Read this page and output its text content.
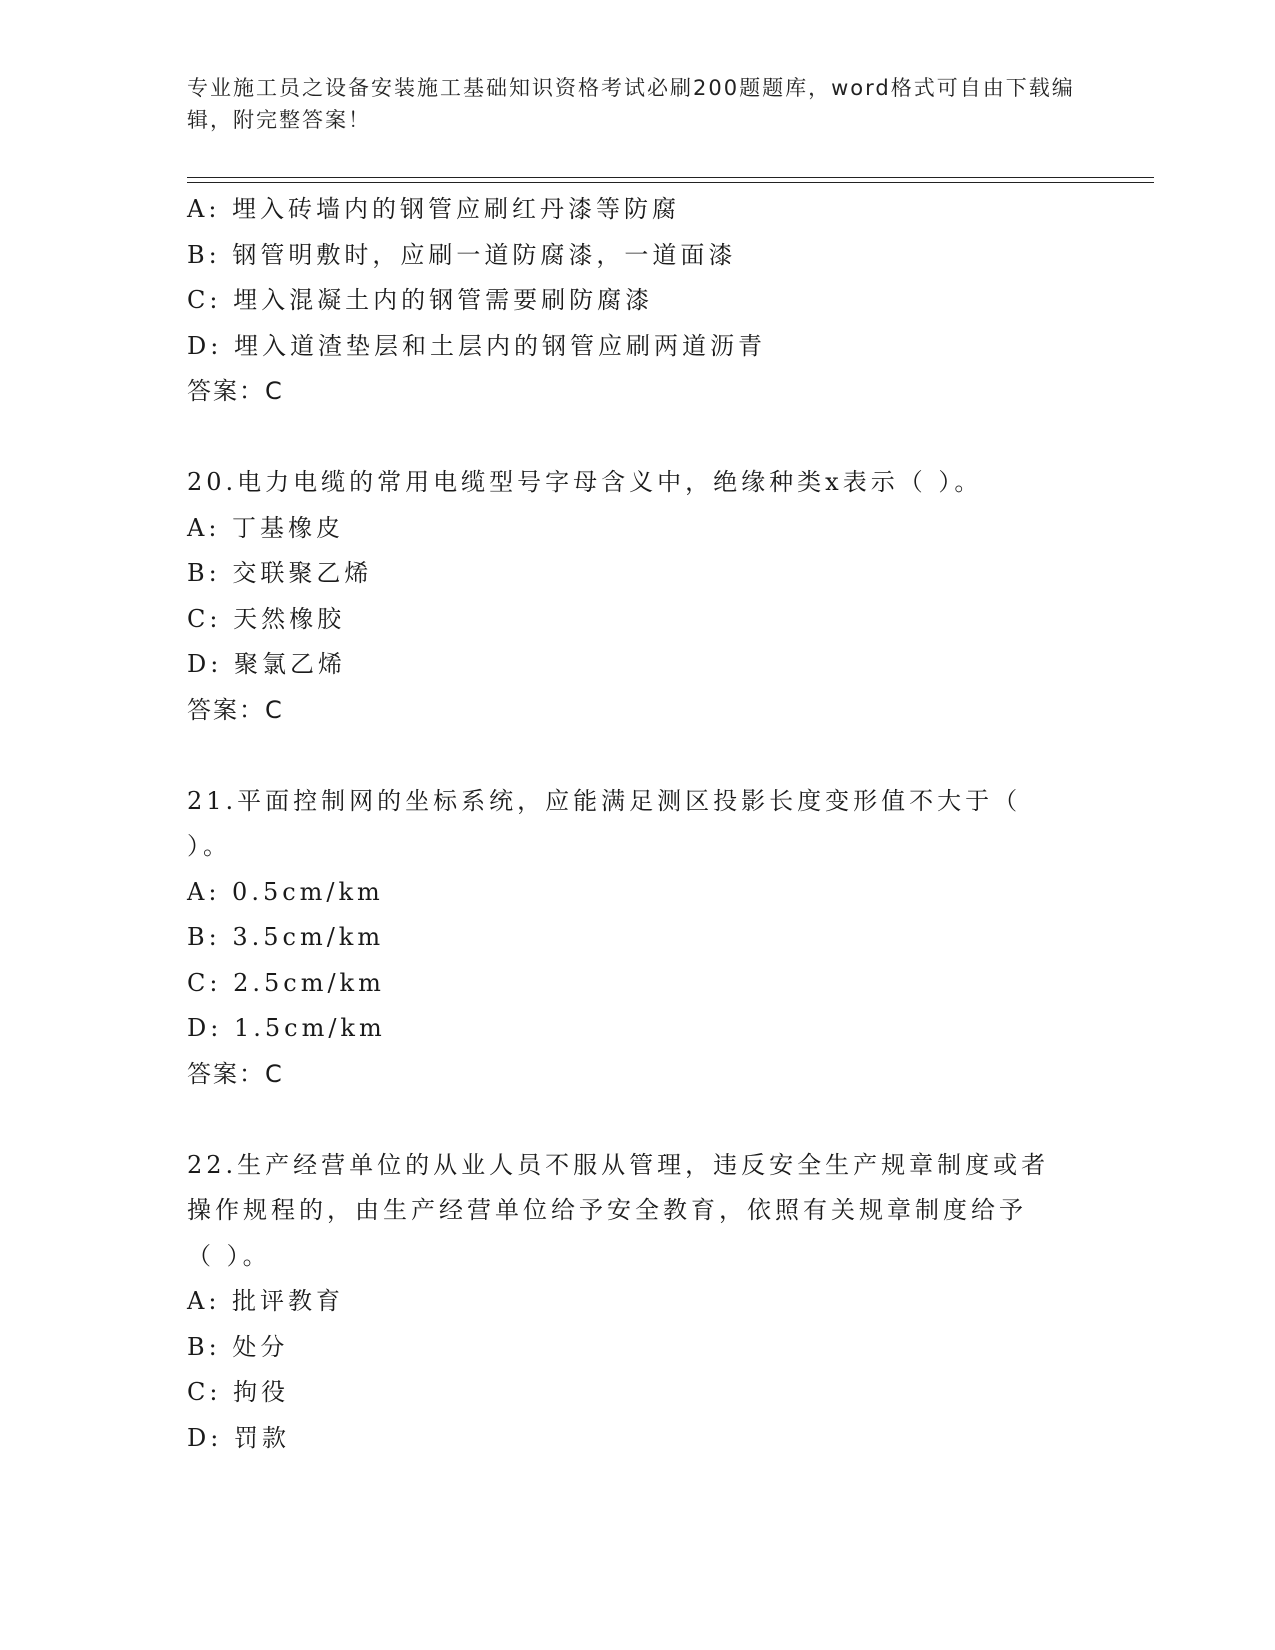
专业施工员之设备安装施工基础知识资格考试必刷200题题库，word格式可自由下载编辑，附完整答案！
A: 埋入砖墙内的钢管应刷红丹漆等防腐
B: 钢管明敷时，应刷一道防腐漆，一道面漆
C: 埋入混凝土内的钢管需要刷防腐漆
D: 埋入道渣垫层和土层内的钢管应刷两道沥青
答案：C
20.电力电缆的常用电缆型号字母含义中，绝缘种类x表示（ ）。
A: 丁基橡皮
B: 交联聚乙烯
C: 天然橡胶
D: 聚氯乙烯
答案：C
21.平面控制网的坐标系统，应能满足测区投影长度变形值不大于（
）。
A: 0.5cm/km
B: 3.5cm/km
C: 2.5cm/km
D: 1.5cm/km
答案：C
22.生产经营单位的从业人员不服从管理，违反安全生产规章制度或者
操作规程的，由生产经营单位给予安全教育，依照有关规章制度给予
（ ）。
A: 批评教育
B: 处分
C: 拘役
D: 罚款
